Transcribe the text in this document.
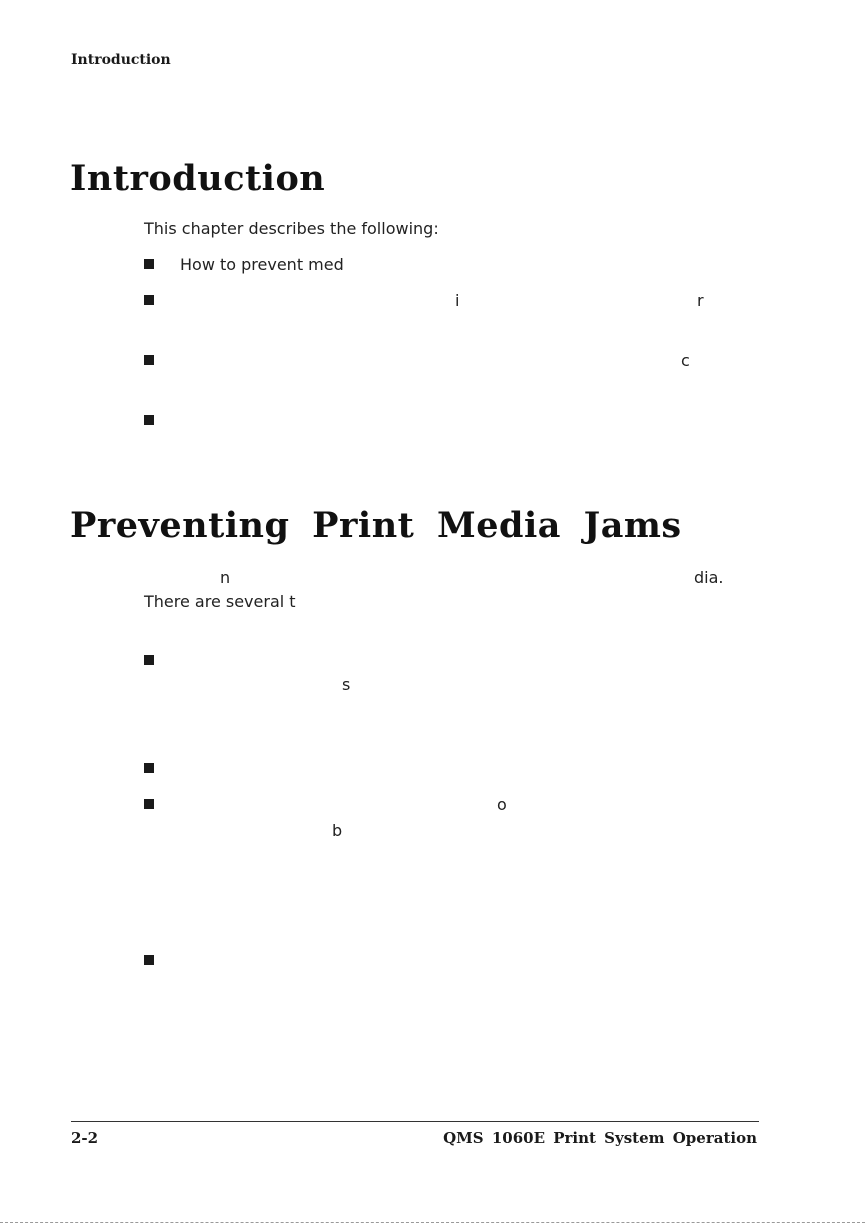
Introduction
Introduction
This chapter describes the following:
How to prevent med
i	r
c
Preventing Print Media Jams
n	dia.
There are several t
s
o
b
2-2	QMS 1060E Print System Operation
